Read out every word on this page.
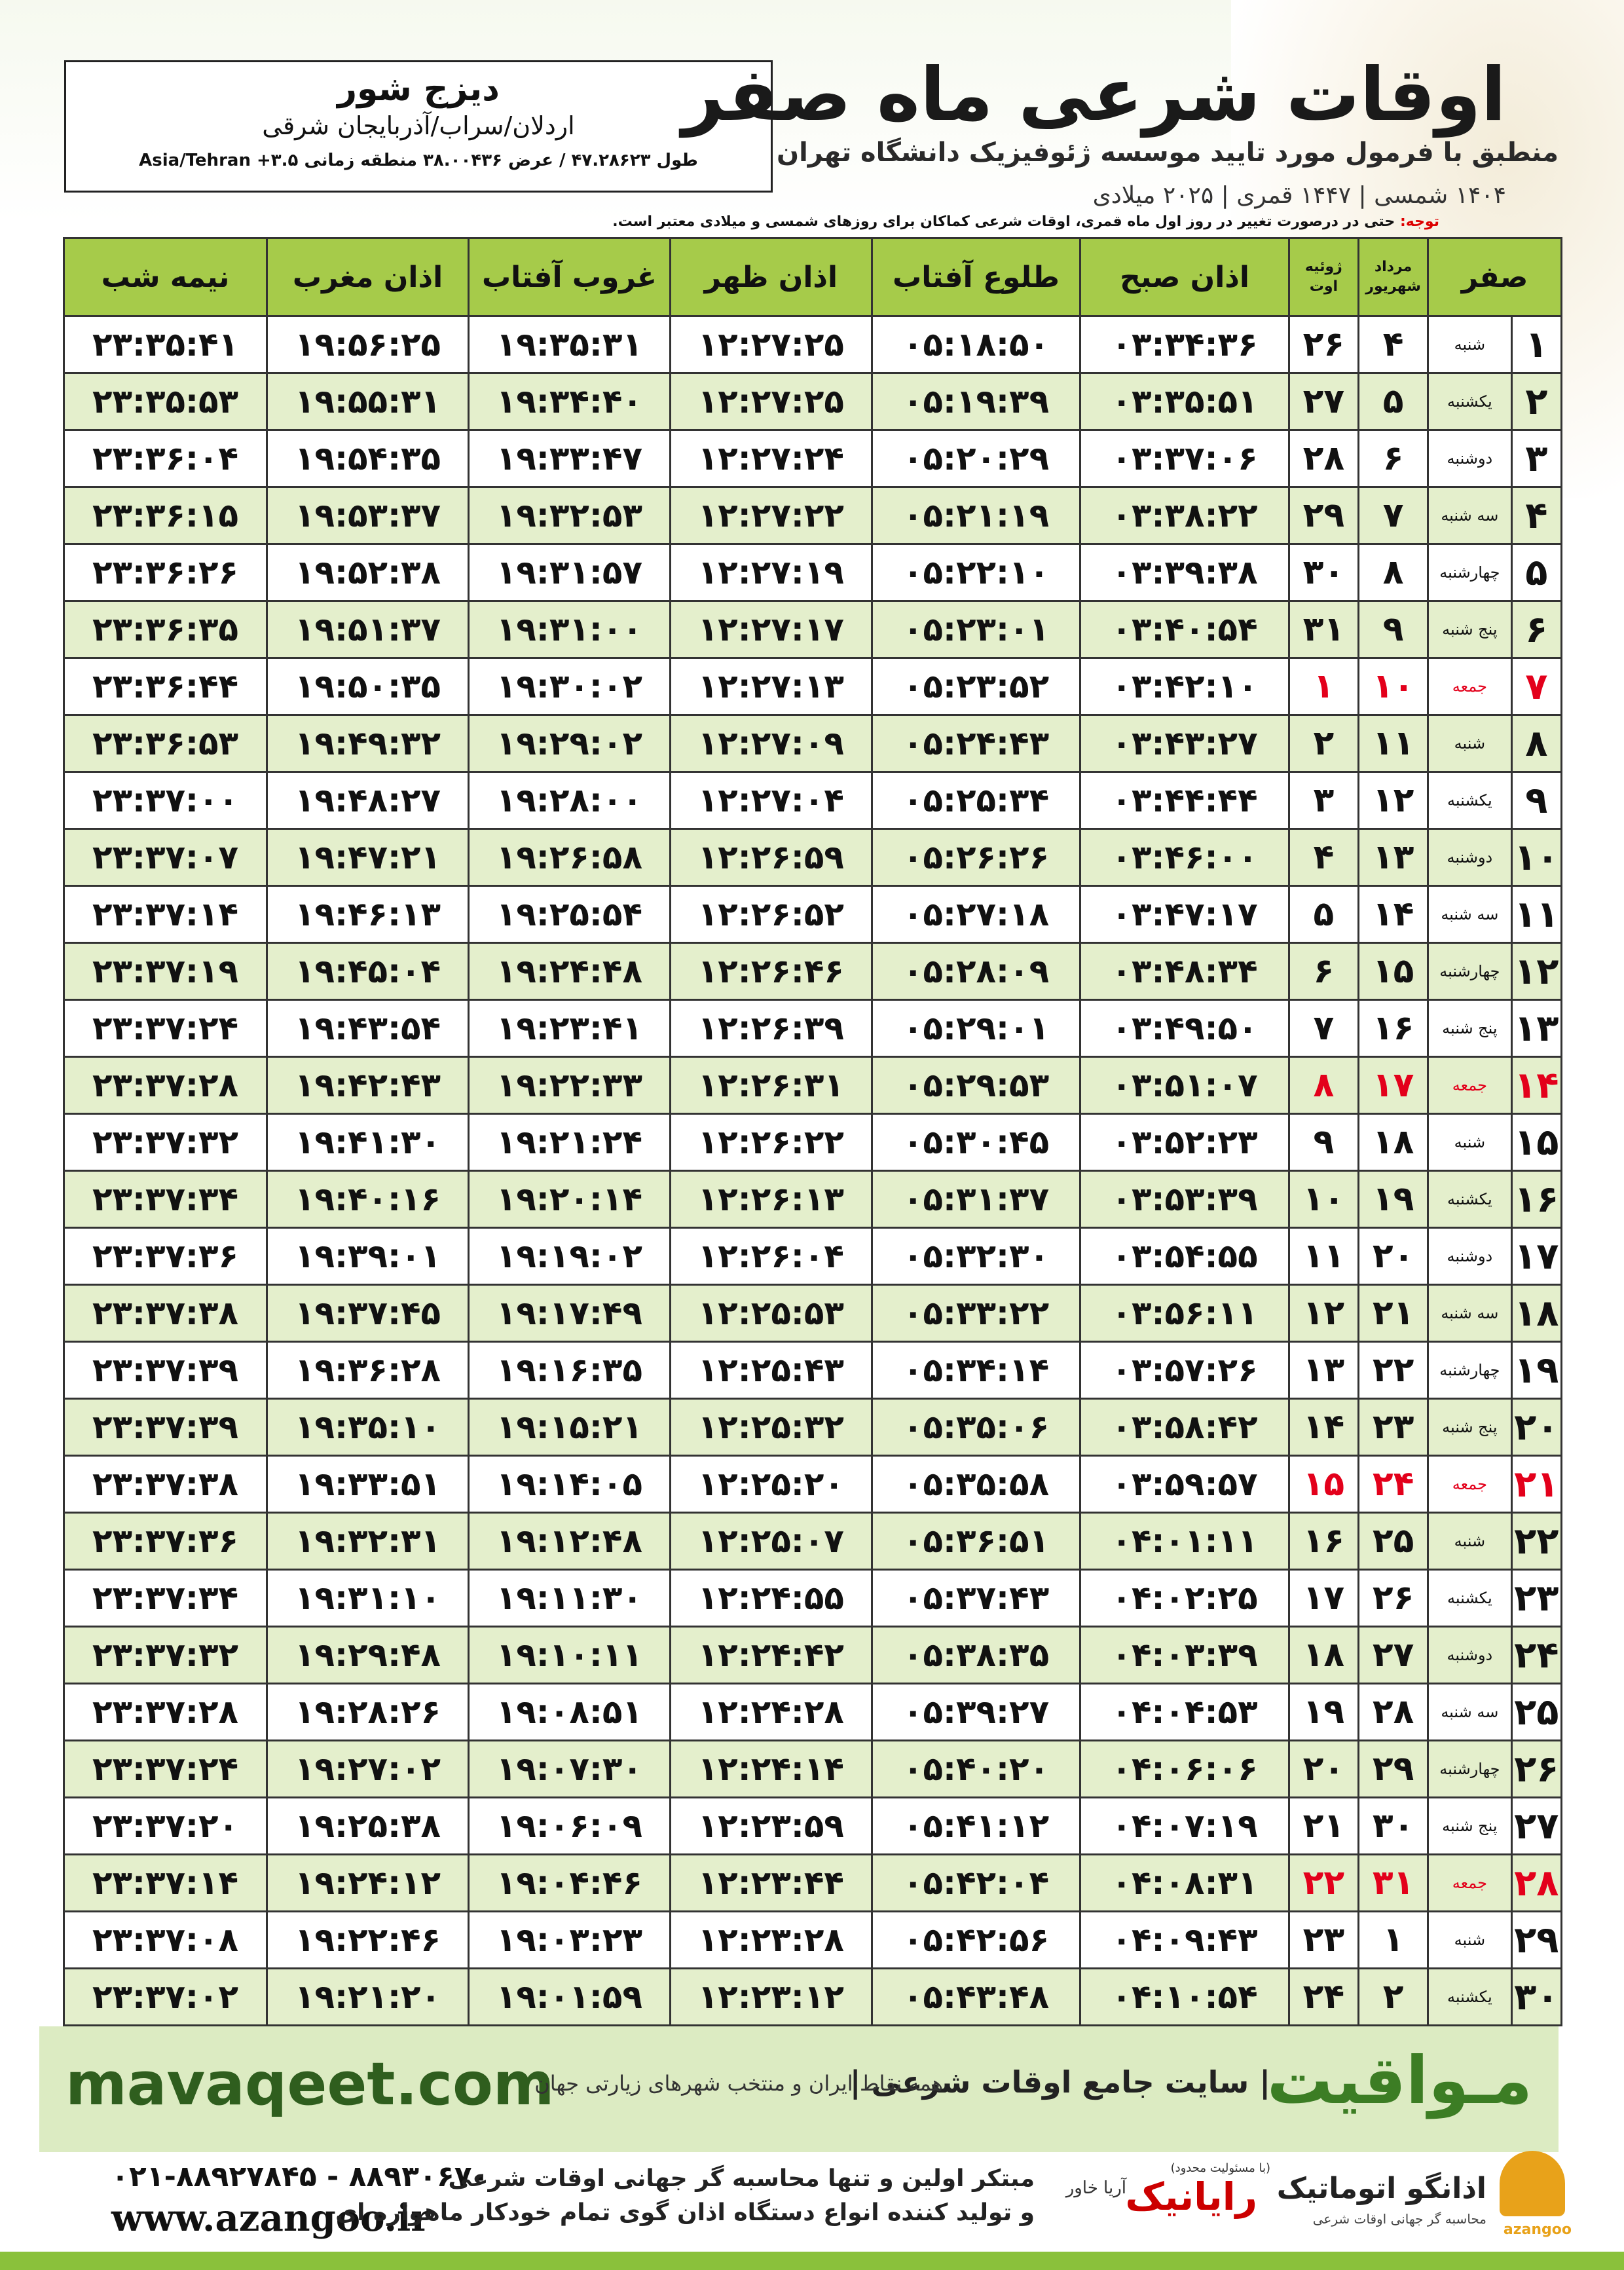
دیزج شور
اردلان/سراب/آذربایجان شرقی
طول ۴۷.۲۸۶۲۳ / عرض ۳۸.۰۰۴۳۶ منطقه زمانی ۳.۵+ Asia/Tehran
اوقات شرعی ماه صفر
منطبق با فرمول مورد تایید موسسه ژئوفیزیک دانشگاه تهران
۱۴۰۴ شمسی | ۱۴۴۷ قمری | ۲۰۲۵ میلادی
توجه: حتی در درصورت تغییر در روز اول ماه قمری، اوقات شرعی کماکان برای روزهای شمسی و میلادی معتبر است.
صفر		مرداد شهریور	ژوئیه اوت	اذان صبح	طلوع آفتاب	اذان ظهر	غروب آفتاب	اذان مغرب	نیمه شب
۱	شنبه	۴	۲۶	۰۳:۳۴:۳۶	۰۵:۱۸:۵۰	۱۲:۲۷:۲۵	۱۹:۳۵:۳۱	۱۹:۵۶:۲۵	۲۳:۳۵:۴۱
۲	یکشنبه	۵	۲۷	۰۳:۳۵:۵۱	۰۵:۱۹:۳۹	۱۲:۲۷:۲۵	۱۹:۳۴:۴۰	۱۹:۵۵:۳۱	۲۳:۳۵:۵۳
۳	دوشنبه	۶	۲۸	۰۳:۳۷:۰۶	۰۵:۲۰:۲۹	۱۲:۲۷:۲۴	۱۹:۳۳:۴۷	۱۹:۵۴:۳۵	۲۳:۳۶:۰۴
۴	سه شنبه	۷	۲۹	۰۳:۳۸:۲۲	۰۵:۲۱:۱۹	۱۲:۲۷:۲۲	۱۹:۳۲:۵۳	۱۹:۵۳:۳۷	۲۳:۳۶:۱۵
۵	چهارشنبه	۸	۳۰	۰۳:۳۹:۳۸	۰۵:۲۲:۱۰	۱۲:۲۷:۱۹	۱۹:۳۱:۵۷	۱۹:۵۲:۳۸	۲۳:۳۶:۲۶
۶	پنج شنبه	۹	۳۱	۰۳:۴۰:۵۴	۰۵:۲۳:۰۱	۱۲:۲۷:۱۷	۱۹:۳۱:۰۰	۱۹:۵۱:۳۷	۲۳:۳۶:۳۵
۷	جمعه	۱۰	۱	۰۳:۴۲:۱۰	۰۵:۲۳:۵۲	۱۲:۲۷:۱۳	۱۹:۳۰:۰۲	۱۹:۵۰:۳۵	۲۳:۳۶:۴۴
۸	شنبه	۱۱	۲	۰۳:۴۳:۲۷	۰۵:۲۴:۴۳	۱۲:۲۷:۰۹	۱۹:۲۹:۰۲	۱۹:۴۹:۳۲	۲۳:۳۶:۵۳
۹	یکشنبه	۱۲	۳	۰۳:۴۴:۴۴	۰۵:۲۵:۳۴	۱۲:۲۷:۰۴	۱۹:۲۸:۰۰	۱۹:۴۸:۲۷	۲۳:۳۷:۰۰
۱۰	دوشنبه	۱۳	۴	۰۳:۴۶:۰۰	۰۵:۲۶:۲۶	۱۲:۲۶:۵۹	۱۹:۲۶:۵۸	۱۹:۴۷:۲۱	۲۳:۳۷:۰۷
۱۱	سه شنبه	۱۴	۵	۰۳:۴۷:۱۷	۰۵:۲۷:۱۸	۱۲:۲۶:۵۲	۱۹:۲۵:۵۴	۱۹:۴۶:۱۳	۲۳:۳۷:۱۴
۱۲	چهارشنبه	۱۵	۶	۰۳:۴۸:۳۴	۰۵:۲۸:۰۹	۱۲:۲۶:۴۶	۱۹:۲۴:۴۸	۱۹:۴۵:۰۴	۲۳:۳۷:۱۹
۱۳	پنج شنبه	۱۶	۷	۰۳:۴۹:۵۰	۰۵:۲۹:۰۱	۱۲:۲۶:۳۹	۱۹:۲۳:۴۱	۱۹:۴۳:۵۴	۲۳:۳۷:۲۴
۱۴	جمعه	۱۷	۸	۰۳:۵۱:۰۷	۰۵:۲۹:۵۳	۱۲:۲۶:۳۱	۱۹:۲۲:۳۳	۱۹:۴۲:۴۳	۲۳:۳۷:۲۸
۱۵	شنبه	۱۸	۹	۰۳:۵۲:۲۳	۰۵:۳۰:۴۵	۱۲:۲۶:۲۲	۱۹:۲۱:۲۴	۱۹:۴۱:۳۰	۲۳:۳۷:۳۲
۱۶	یکشنبه	۱۹	۱۰	۰۳:۵۳:۳۹	۰۵:۳۱:۳۷	۱۲:۲۶:۱۳	۱۹:۲۰:۱۴	۱۹:۴۰:۱۶	۲۳:۳۷:۳۴
۱۷	دوشنبه	۲۰	۱۱	۰۳:۵۴:۵۵	۰۵:۳۲:۳۰	۱۲:۲۶:۰۴	۱۹:۱۹:۰۲	۱۹:۳۹:۰۱	۲۳:۳۷:۳۶
۱۸	سه شنبه	۲۱	۱۲	۰۳:۵۶:۱۱	۰۵:۳۳:۲۲	۱۲:۲۵:۵۳	۱۹:۱۷:۴۹	۱۹:۳۷:۴۵	۲۳:۳۷:۳۸
۱۹	چهارشنبه	۲۲	۱۳	۰۳:۵۷:۲۶	۰۵:۳۴:۱۴	۱۲:۲۵:۴۳	۱۹:۱۶:۳۵	۱۹:۳۶:۲۸	۲۳:۳۷:۳۹
۲۰	پنج شنبه	۲۳	۱۴	۰۳:۵۸:۴۲	۰۵:۳۵:۰۶	۱۲:۲۵:۳۲	۱۹:۱۵:۲۱	۱۹:۳۵:۱۰	۲۳:۳۷:۳۹
۲۱	جمعه	۲۴	۱۵	۰۳:۵۹:۵۷	۰۵:۳۵:۵۸	۱۲:۲۵:۲۰	۱۹:۱۴:۰۵	۱۹:۳۳:۵۱	۲۳:۳۷:۳۸
۲۲	شنبه	۲۵	۱۶	۰۴:۰۱:۱۱	۰۵:۳۶:۵۱	۱۲:۲۵:۰۷	۱۹:۱۲:۴۸	۱۹:۳۲:۳۱	۲۳:۳۷:۳۶
۲۳	یکشنبه	۲۶	۱۷	۰۴:۰۲:۲۵	۰۵:۳۷:۴۳	۱۲:۲۴:۵۵	۱۹:۱۱:۳۰	۱۹:۳۱:۱۰	۲۳:۳۷:۳۴
۲۴	دوشنبه	۲۷	۱۸	۰۴:۰۳:۳۹	۰۵:۳۸:۳۵	۱۲:۲۴:۴۲	۱۹:۱۰:۱۱	۱۹:۲۹:۴۸	۲۳:۳۷:۳۲
۲۵	سه شنبه	۲۸	۱۹	۰۴:۰۴:۵۳	۰۵:۳۹:۲۷	۱۲:۲۴:۲۸	۱۹:۰۸:۵۱	۱۹:۲۸:۲۶	۲۳:۳۷:۲۸
۲۶	چهارشنبه	۲۹	۲۰	۰۴:۰۶:۰۶	۰۵:۴۰:۲۰	۱۲:۲۴:۱۴	۱۹:۰۷:۳۰	۱۹:۲۷:۰۲	۲۳:۳۷:۲۴
۲۷	پنج شنبه	۳۰	۲۱	۰۴:۰۷:۱۹	۰۵:۴۱:۱۲	۱۲:۲۳:۵۹	۱۹:۰۶:۰۹	۱۹:۲۵:۳۸	۲۳:۳۷:۲۰
۲۸	جمعه	۳۱	۲۲	۰۴:۰۸:۳۱	۰۵:۴۲:۰۴	۱۲:۲۳:۴۴	۱۹:۰۴:۴۶	۱۹:۲۴:۱۲	۲۳:۳۷:۱۴
۲۹	شنبه	۱	۲۳	۰۴:۰۹:۴۳	۰۵:۴۲:۵۶	۱۲:۲۳:۲۸	۱۹:۰۳:۲۳	۱۹:۲۲:۴۶	۲۳:۳۷:۰۸
۳۰	یکشنبه	۲	۲۴	۰۴:۱۰:۵۴	۰۵:۴۳:۴۸	۱۲:۲۳:۱۲	۱۹:۰۱:۵۹	۱۹:۲۱:۲۰	۲۳:۳۷:۰۲
mavaqeet.com	مـواقیت
| سایت جامع اوقات شرعی |
همه نقاط ایران و منتخب شهرهای زیارتی جهان
۰۲۱-۸۸۹۲۷۸۴۵ - ۸۸۹۳۰۶۷۰
www.azangoo.ir
مبتکر اولین و تنها محاسبه گر جهانی اوقات شرعی
و تولید کننده انواع دستگاه اذان گوی تمام خودکار ماهواره ای
(با مسئولیت محدود)
رایانیک
آریا خاور	اذانگو اتوماتیک
محاسبه گر جهانی اوقات شرعی
azangoo
